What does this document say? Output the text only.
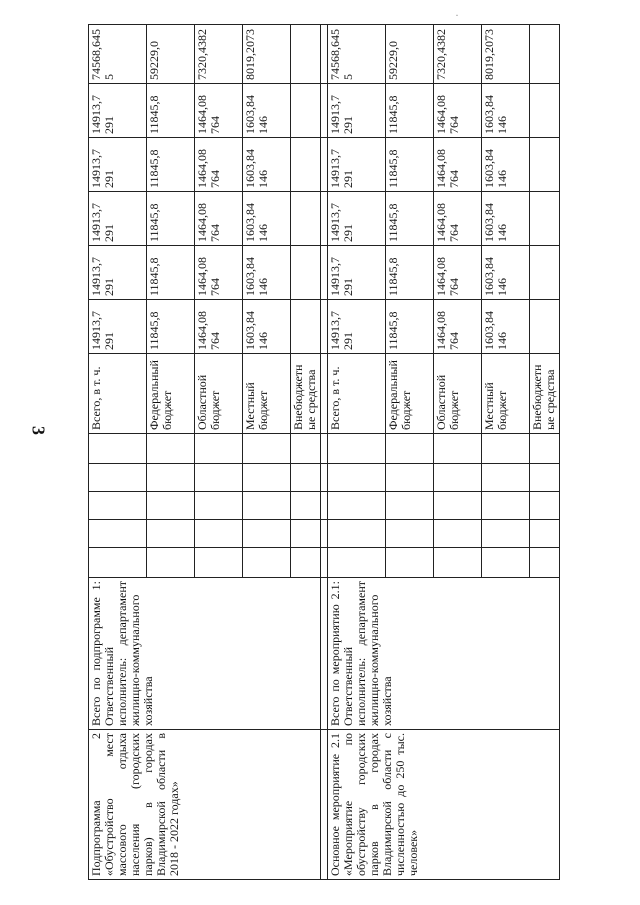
·
3
Подпрограмма 2 «Обустройство мест массового отдыха населения (городских парков) в городах Владимирской области в 2018 - 2022 годах»	Всего по подпрограмме 1: Ответственный исполнитель: департамент жилищно-коммунального хозяйства						Всего, в т. ч.	14913,7 291	14913,7 291	14913,7 291	14913,7 291	14913,7 291	74568,6455
							Федеральный бюджет	11845,8	11845,8	11845,8	11845,8	11845,8	59229,0
							Областной бюджет	1464,08 764	1464,08 764	1464,08 764	1464,08 764	1464,08 764	7320,4382
							Местный бюджет	1603,84 146	1603,84 146	1603,84 146	1603,84 146	1603,84 146	8019,2073
							Внебюджетные средства						

Основное мероприятие 2.1 «Мероприятие по обустройству городских парков в городах Владимирской области с численностью до 250 тыс. человек»	Всего по мероприятию 2.1: Ответственный исполнитель: департамент жилищно-коммунального хозяйства						Всего, в т. ч.	14913,7 291	14913,7 291	14913,7 291	14913,7 291	14913,7 291	74568,6455
							Федеральный бюджет	11845,8	11845,8	11845,8	11845,8	11845,8	59229,0
							Областной бюджет	1464,08 764	1464,08 764	1464,08 764	1464,08 764	1464,08 764	7320,4382
							Местный бюджет	1603,84 146	1603,84 146	1603,84 146	1603,84 146	1603,84 146	8019,2073
							Внебюджетные средства						
